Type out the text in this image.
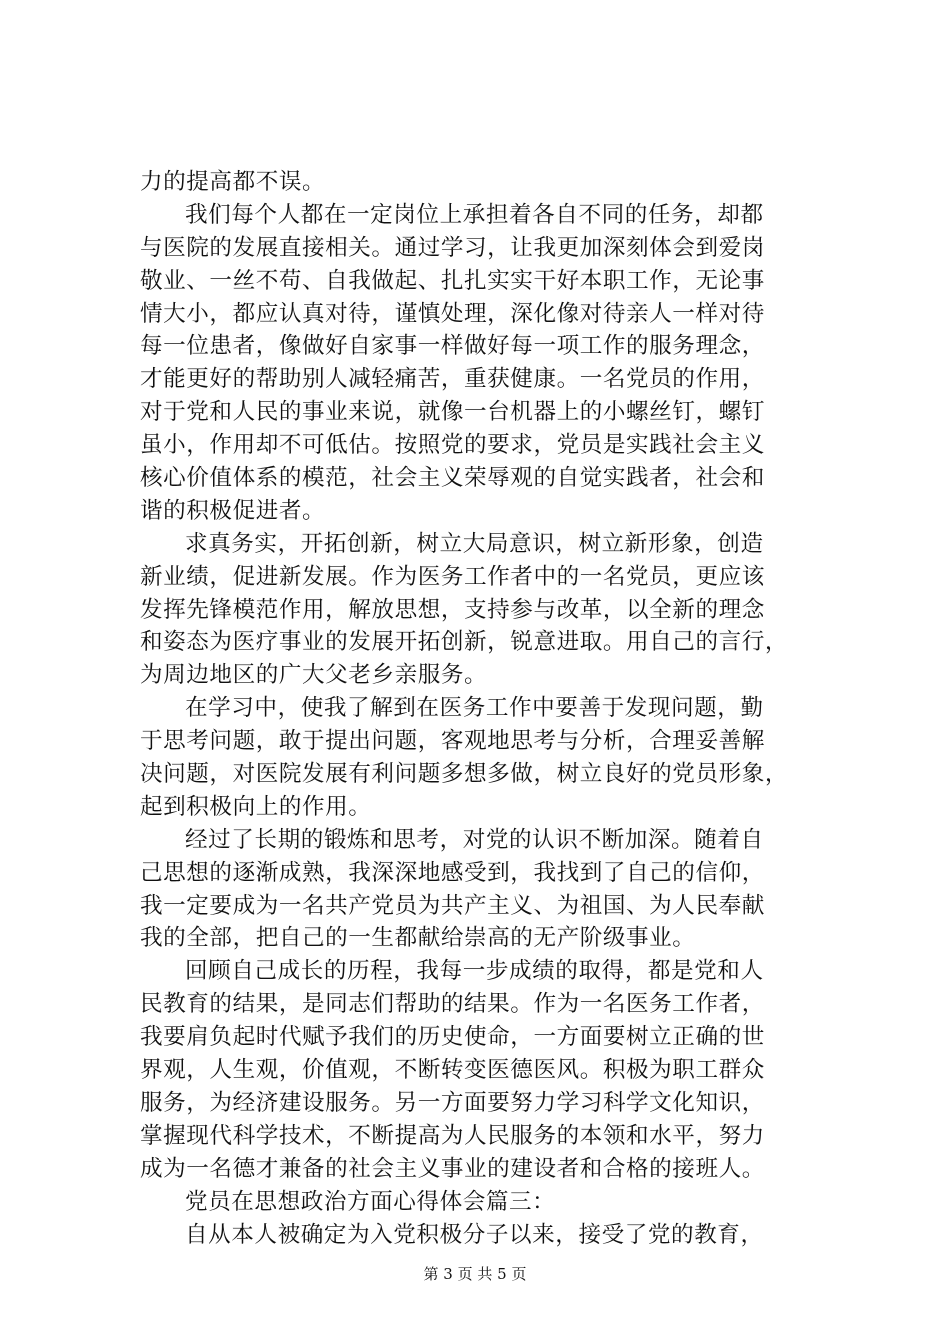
力的提高都不误。
我们每个人都在一定岗位上承担着各自不同的任务，却都
与医院的发展直接相关。通过学习，让我更加深刻体会到爱岗
敬业、一丝不苟、自我做起、扎扎实实干好本职工作，无论事
情大小，都应认真对待，谨慎处理，深化像对待亲人一样对待
每一位患者，像做好自家事一样做好每一项工作的服务理念，
才能更好的帮助别人减轻痛苦，重获健康。一名党员的作用，
对于党和人民的事业来说，就像一台机器上的小螺丝钉，螺钉
虽小，作用却不可低估。按照党的要求，党员是实践社会主义
核心价值体系的模范，社会主义荣辱观的自觉实践者，社会和
谐的积极促进者。
求真务实，开拓创新，树立大局意识，树立新形象，创造
新业绩，促进新发展。作为医务工作者中的一名党员，更应该
发挥先锋模范作用，解放思想，支持参与改革，以全新的理念
和姿态为医疗事业的发展开拓创新，锐意进取。用自己的言行，
为周边地区的广大父老乡亲服务。
在学习中，使我了解到在医务工作中要善于发现问题，勤
于思考问题，敢于提出问题，客观地思考与分析，合理妥善解
决问题，对医院发展有利问题多想多做，树立良好的党员形象，
起到积极向上的作用。
经过了长期的锻炼和思考，对党的认识不断加深。随着自
己思想的逐渐成熟，我深深地感受到，我找到了自己的信仰，
我一定要成为一名共产党员为共产主义、为祖国、为人民奉献
我的全部，把自己的一生都献给崇高的无产阶级事业。
回顾自己成长的历程，我每一步成绩的取得，都是党和人
民教育的结果，是同志们帮助的结果。作为一名医务工作者，
我要肩负起时代赋予我们的历史使命，一方面要树立正确的世
界观，人生观，价值观，不断转变医德医风。积极为职工群众
服务，为经济建设服务。另一方面要努力学习科学文化知识，
掌握现代科学技术，不断提高为人民服务的本领和水平，努力
成为一名德才兼备的社会主义事业的建设者和合格的接班人。
党员在思想政治方面心得体会篇三：
自从本人被确定为入党积极分子以来，接受了党的教育，
第 3 页 共 5 页
